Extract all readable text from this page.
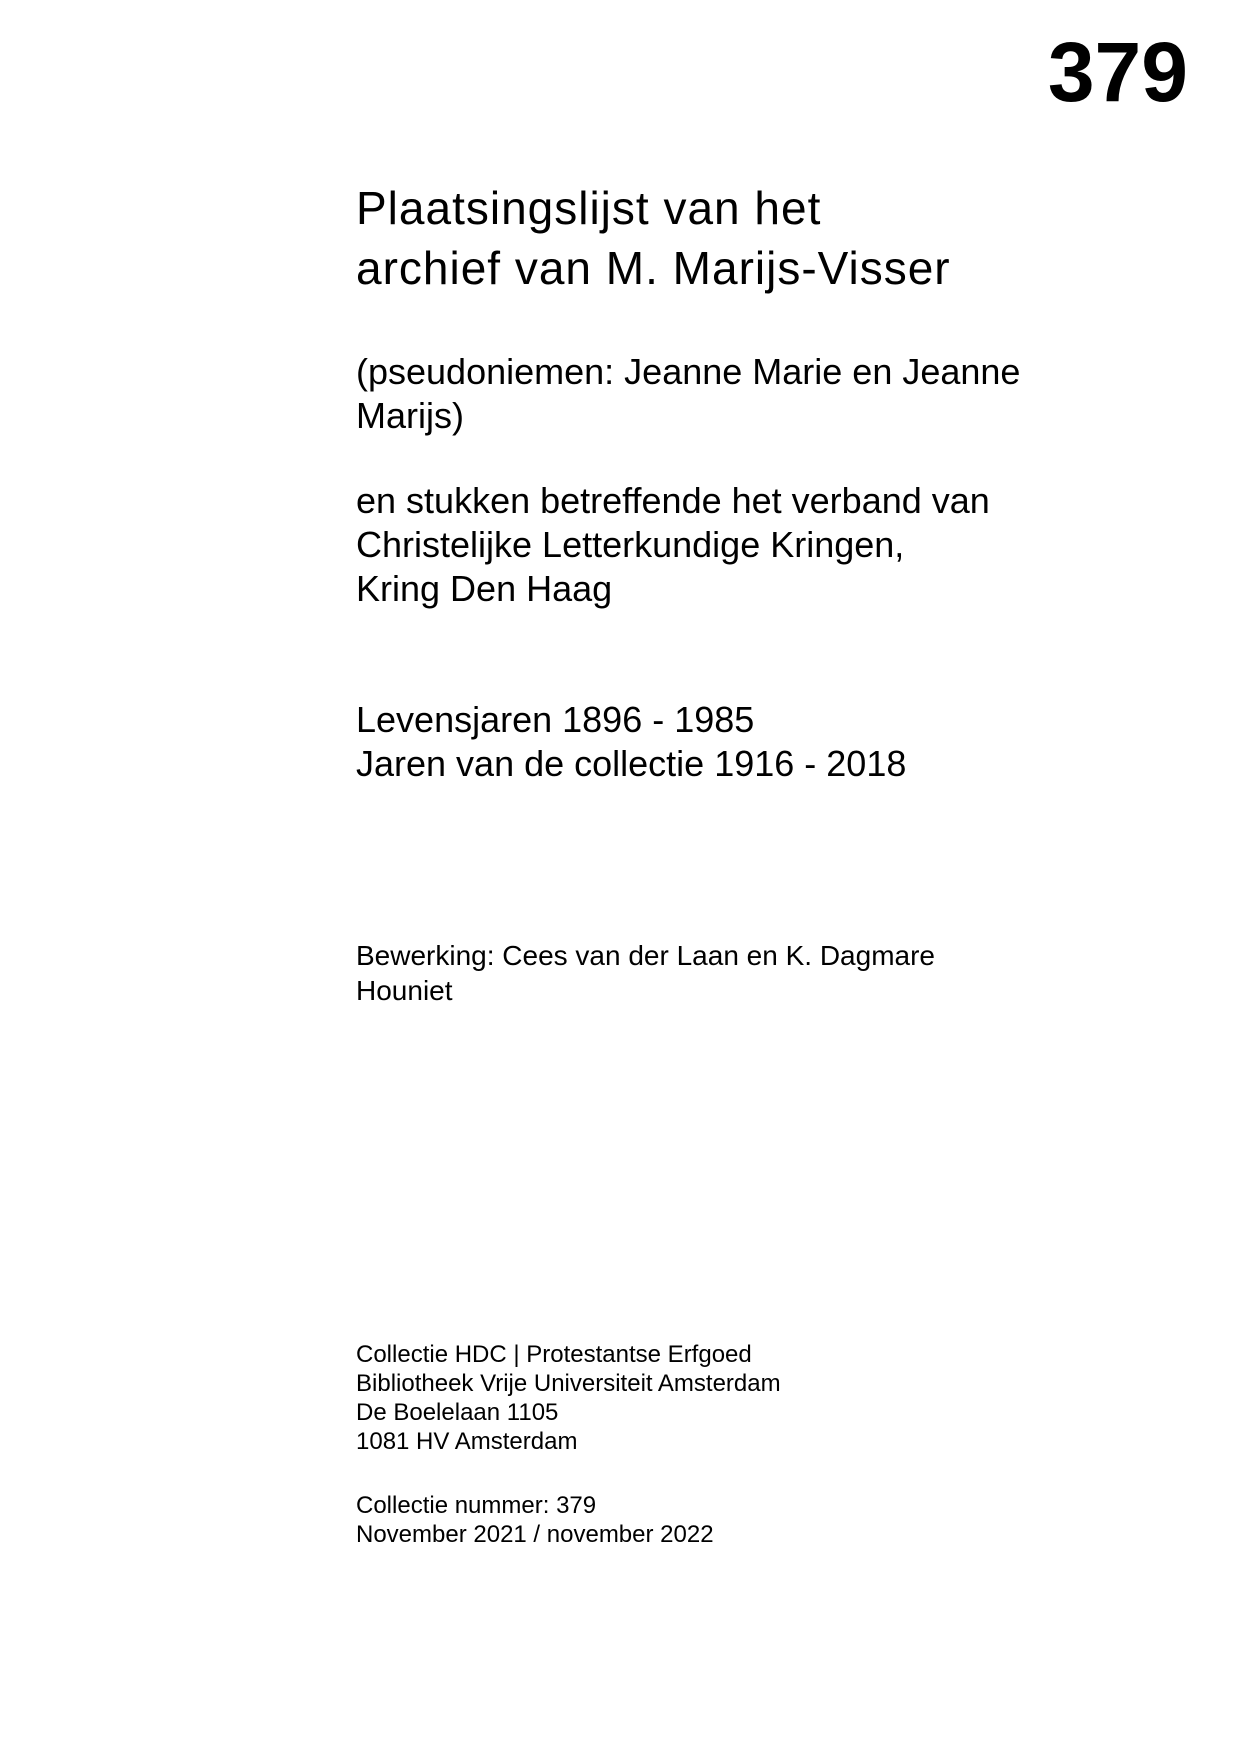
379
Plaatsingslijst van het
archief van M. Marijs-Visser
(pseudoniemen: Jeanne Marie en Jeanne
Marijs)
en stukken betreffende het verband van
Christelijke Letterkundige Kringen,
Kring Den Haag
Levensjaren 1896 - 1985
Jaren van de collectie 1916 - 2018
Bewerking: Cees van der Laan en K. Dagmare
Houniet
Collectie HDC | Protestantse Erfgoed
Bibliotheek Vrije Universiteit Amsterdam
De Boelelaan 1105
1081 HV Amsterdam
Collectie nummer: 379
November 2021 / november 2022
